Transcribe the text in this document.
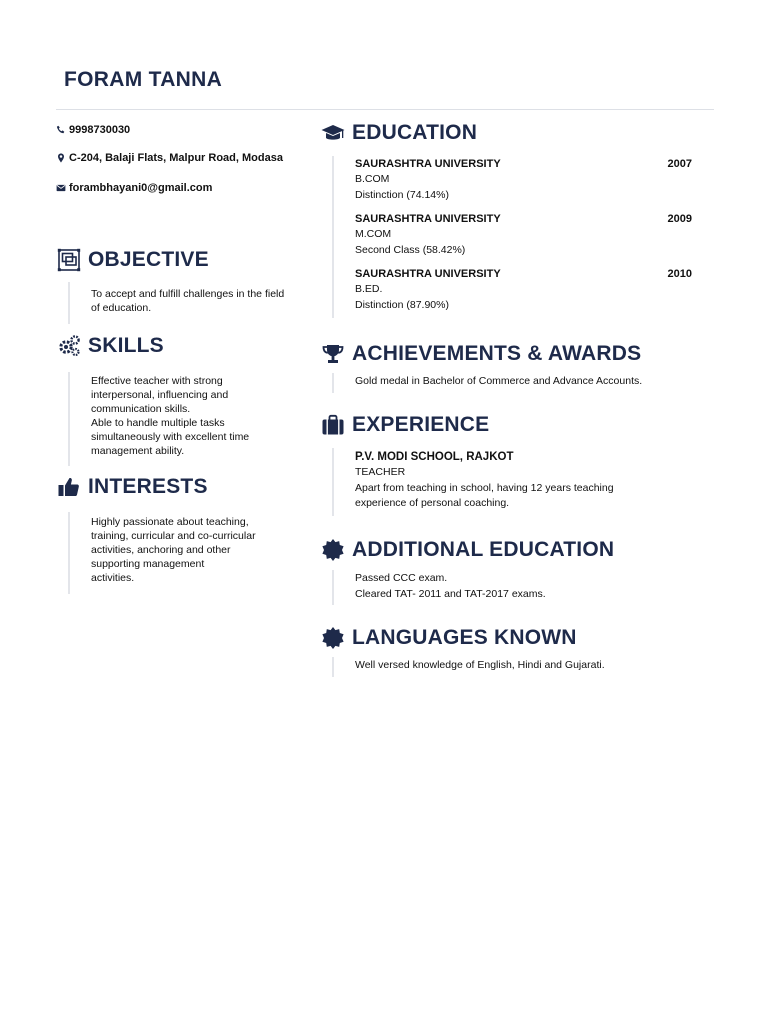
FORAM TANNA
9998730030
C-204, Balaji Flats, Malpur Road, Modasa
forambhayani0@gmail.com
OBJECTIVE
To accept and fulfill challenges in the field of education.
SKILLS
Effective teacher with strong
interpersonal, influencing and
communication skills.
Able to handle multiple tasks
simultaneously with excellent time
management ability.
INTERESTS
Highly passionate about teaching,
training, curricular and co-curricular
activities, anchoring and other
supporting management
activities.
EDUCATION
SAURASHTRA UNIVERSITY	2007
B.COM
Distinction (74.14%)
SAURASHTRA UNIVERSITY	2009
M.COM
Second Class (58.42%)
SAURASHTRA UNIVERSITY	2010
B.ED.
Distinction (87.90%)
ACHIEVEMENTS & AWARDS
Gold medal in Bachelor of Commerce and Advance Accounts.
EXPERIENCE
P.V. MODI SCHOOL, RAJKOT
TEACHER
Apart from teaching in school, having 12 years teaching
experience of personal coaching.
ADDITIONAL EDUCATION
Passed CCC exam.
Cleared TAT- 2011 and TAT-2017 exams.
LANGUAGES KNOWN
Well versed knowledge of English, Hindi and Gujarati.
